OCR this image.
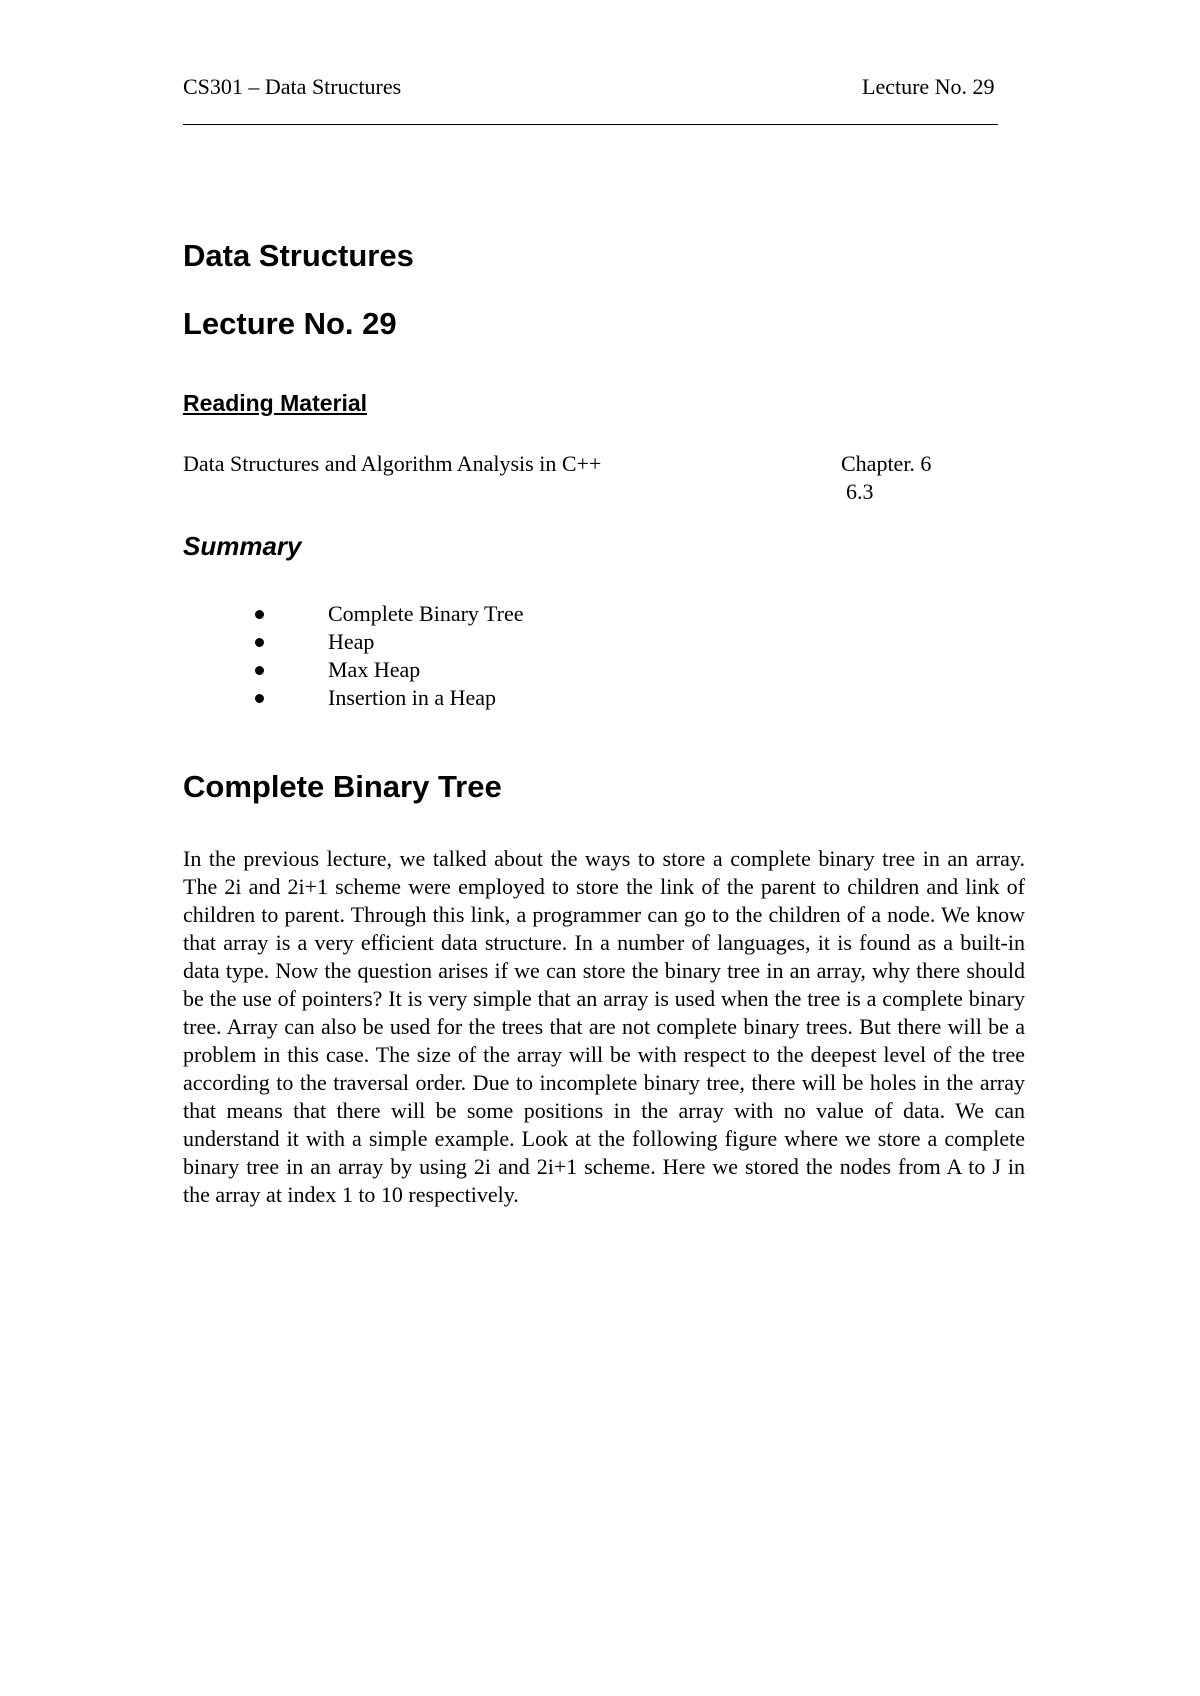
CS301 – Data Structures	Lecture No. 29
Data Structures
Lecture No. 29
Reading Material
Data Structures and Algorithm Analysis in C++	Chapter. 6
6.3
Summary
Complete Binary Tree
Heap
Max Heap
Insertion in a Heap
Complete Binary Tree

In the previous lecture, we talked about the ways to store a complete binary tree in an array. The 2i and 2i+1 scheme were employed to store the link of the parent to children and link of children to parent. Through this link, a programmer can go to the children of a node. We know that array is a very efficient data structure. In a number of languages, it is found as a built-in data type. Now the question arises if we can store the binary tree in an array, why there should be the use of pointers? It is very simple that an array is used when the tree is a complete binary tree. Array can also be used for the trees that are not complete binary trees. But there will be a problem in this case. The size of the array will be with respect to the deepest level of the tree according to the traversal order. Due to incomplete binary tree, there will be holes in the array that means that there will be some positions in the array with no value of data. We can understand it with a simple example. Look at the following figure where we store a complete binary tree in an array by using 2i and 2i+1 scheme. Here we stored the nodes from A to J in the array at index 1 to 10 respectively.
